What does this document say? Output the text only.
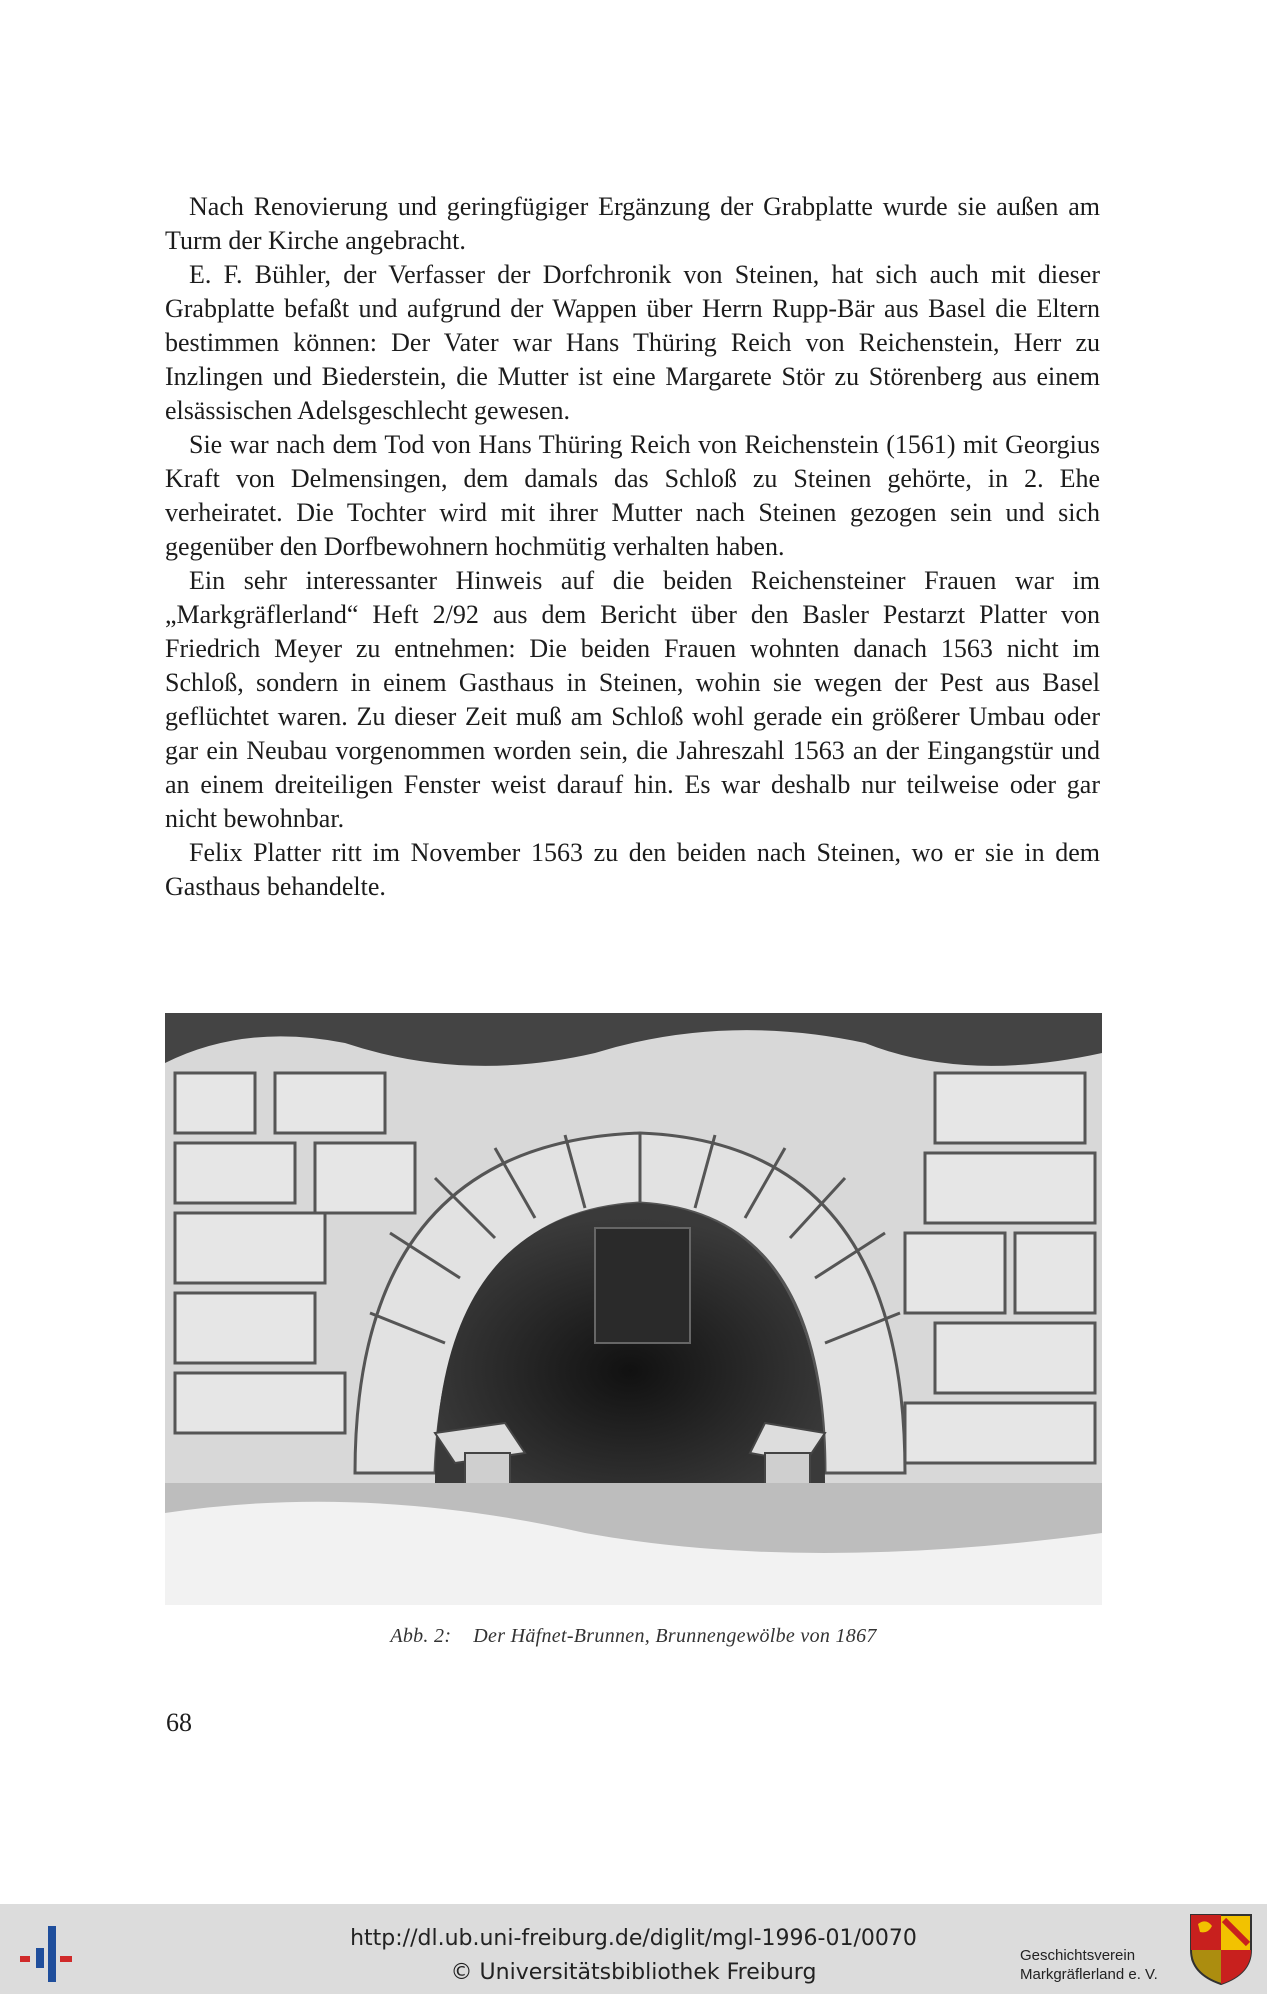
Nach Renovierung und geringfügiger Ergänzung der Grabplatte wurde sie außen am Turm der Kirche angebracht.

E. F. Bühler, der Verfasser der Dorfchronik von Steinen, hat sich auch mit dieser Grabplatte befaßt und aufgrund der Wappen über Herrn Rupp-Bär aus Basel die Eltern bestimmen können: Der Vater war Hans Thüring Reich von Reichenstein, Herr zu Inzlingen und Biederstein, die Mutter ist eine Margarete Stör zu Störenberg aus einem elsässischen Adelsgeschlecht gewesen.

Sie war nach dem Tod von Hans Thüring Reich von Reichenstein (1561) mit Georgius Kraft von Delmensingen, dem damals das Schloß zu Steinen gehörte, in 2. Ehe verheiratet. Die Tochter wird mit ihrer Mutter nach Steinen gezogen sein und sich gegenüber den Dorfbewohnern hochmütig verhalten haben.

Ein sehr interessanter Hinweis auf die beiden Reichensteiner Frauen war im „Markgräflerland“ Heft 2/92 aus dem Bericht über den Basler Pestarzt Platter von Friedrich Meyer zu entnehmen: Die beiden Frauen wohnten danach 1563 nicht im Schloß, sondern in einem Gasthaus in Steinen, wohin sie wegen der Pest aus Basel geflüchtet waren. Zu dieser Zeit muß am Schloß wohl gerade ein größerer Umbau oder gar ein Neubau vorgenommen worden sein, die Jahreszahl 1563 an der Eingangstür und an einem dreiteiligen Fenster weist darauf hin. Es war deshalb nur teilweise oder gar nicht bewohnbar.

Felix Platter ritt im November 1563 zu den beiden nach Steinen, wo er sie in dem Gasthaus behandelte.

Abb. 2: Der Häfnet-Brunnen, Brunnengewölbe von 1867
68
http://dl.ub.uni-freiburg.de/diglit/mgl-1996-01/0070
© Universitätsbibliothek Freiburg
Geschichtsverein
Markgräflerland e. V.
